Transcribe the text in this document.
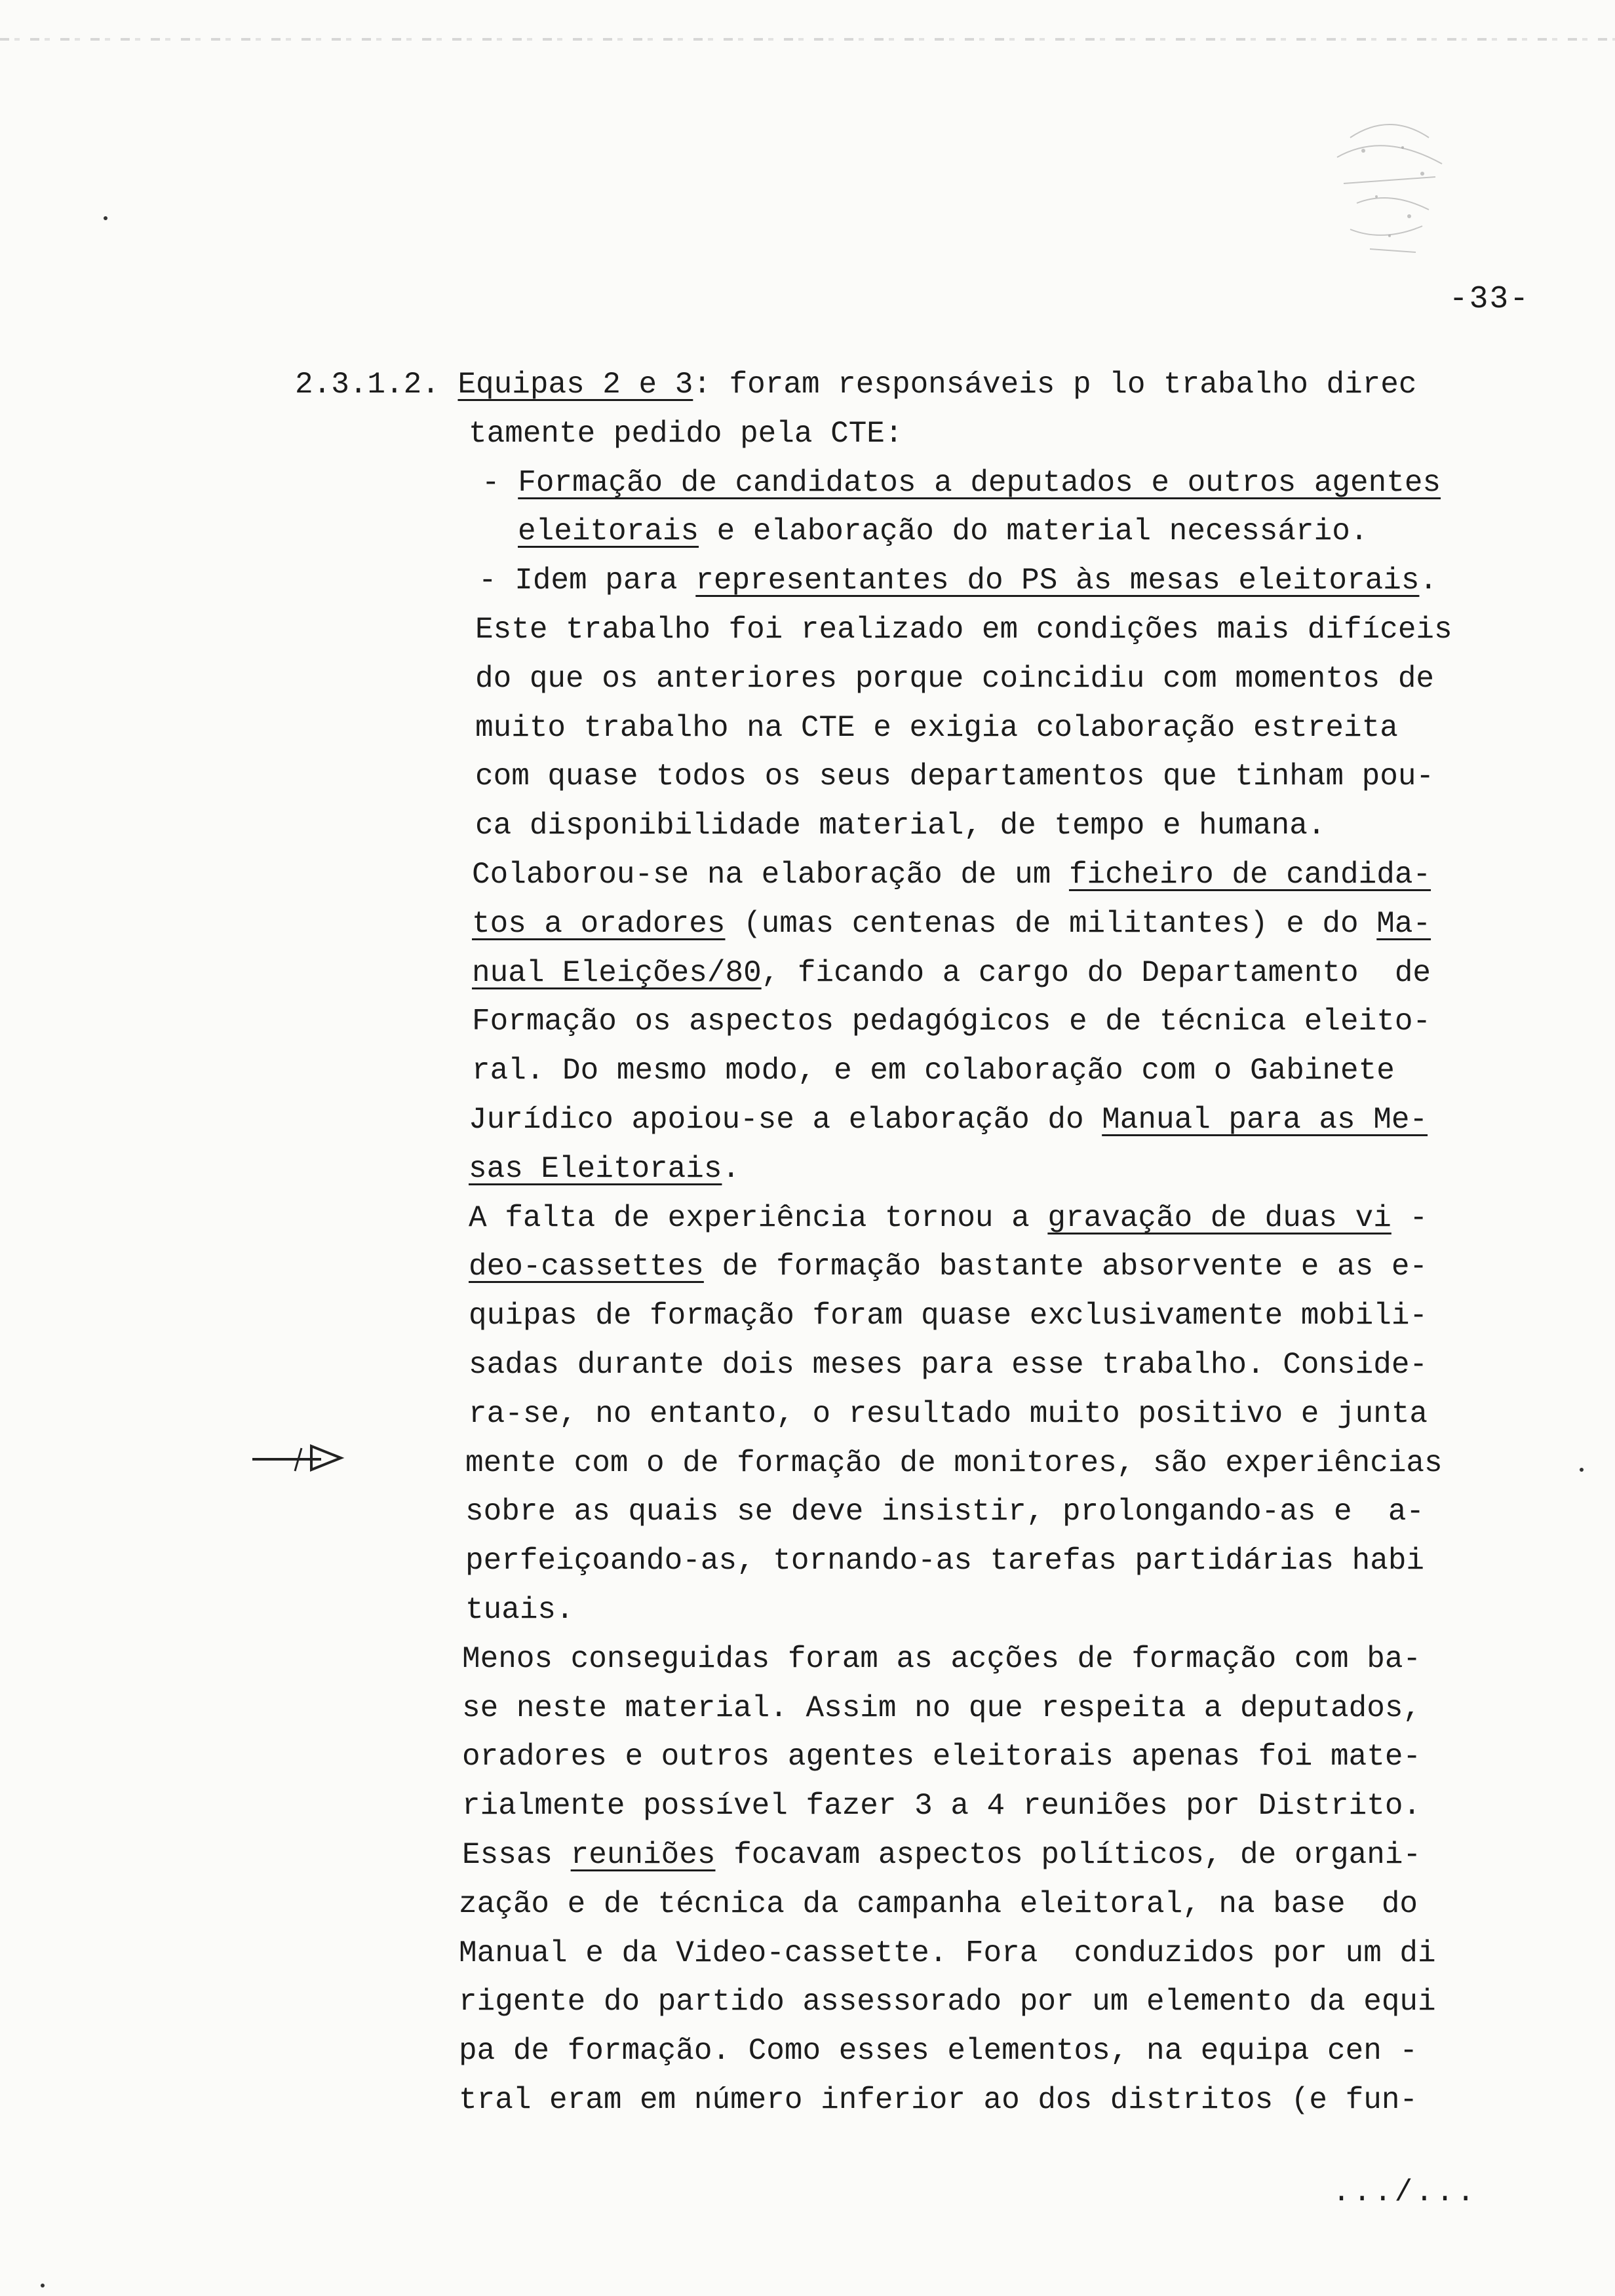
-33-
2.3.1.2. Equipas 2 e 3: foram responsáveis p lo trabalho direc
tamente pedido pela CTE:
- Formação de candidatos a deputados e outros agentes
eleitorais e elaboração do material necessário.
- Idem para representantes do PS às mesas eleitorais.
Este trabalho foi realizado em condições mais difíceis
do que os anteriores porque coincidiu com momentos de
muito trabalho na CTE e exigia colaboração estreita
com quase todos os seus departamentos que tinham pou-
ca disponibilidade material, de tempo e humana.
Colaborou-se na elaboração de um ficheiro de candida-
tos a oradores (umas centenas de militantes) e do Ma-
nual Eleições/80, ficando a cargo do Departamento  de
Formação os aspectos pedagógicos e de técnica eleito-
ral. Do mesmo modo, e em colaboração com o Gabinete
Jurídico apoiou-se a elaboração do Manual para as Me-
sas Eleitorais.
A falta de experiência tornou a gravação de duas vi -
deo-cassettes de formação bastante absorvente e as e-
quipas de formação foram quase exclusivamente mobili-
sadas durante dois meses para esse trabalho. Conside-
ra-se, no entanto, o resultado muito positivo e junta
mente com o de formação de monitores, são experiências
sobre as quais se deve insistir, prolongando-as e  a-
perfeiçoando-as, tornando-as tarefas partidárias habi
tuais.
Menos conseguidas foram as acções de formação com ba-
se neste material. Assim no que respeita a deputados,
oradores e outros agentes eleitorais apenas foi mate-
rialmente possível fazer 3 a 4 reuniões por Distrito.
Essas reuniões focavam aspectos políticos, de organi-
zação e de técnica da campanha eleitoral, na base  do
Manual e da Video-cassette. Fora  conduzidos por um di
rigente do partido assessorado por um elemento da equi
pa de formação. Como esses elementos, na equipa cen -
tral eram em número inferior ao dos distritos (e fun-
.../...
